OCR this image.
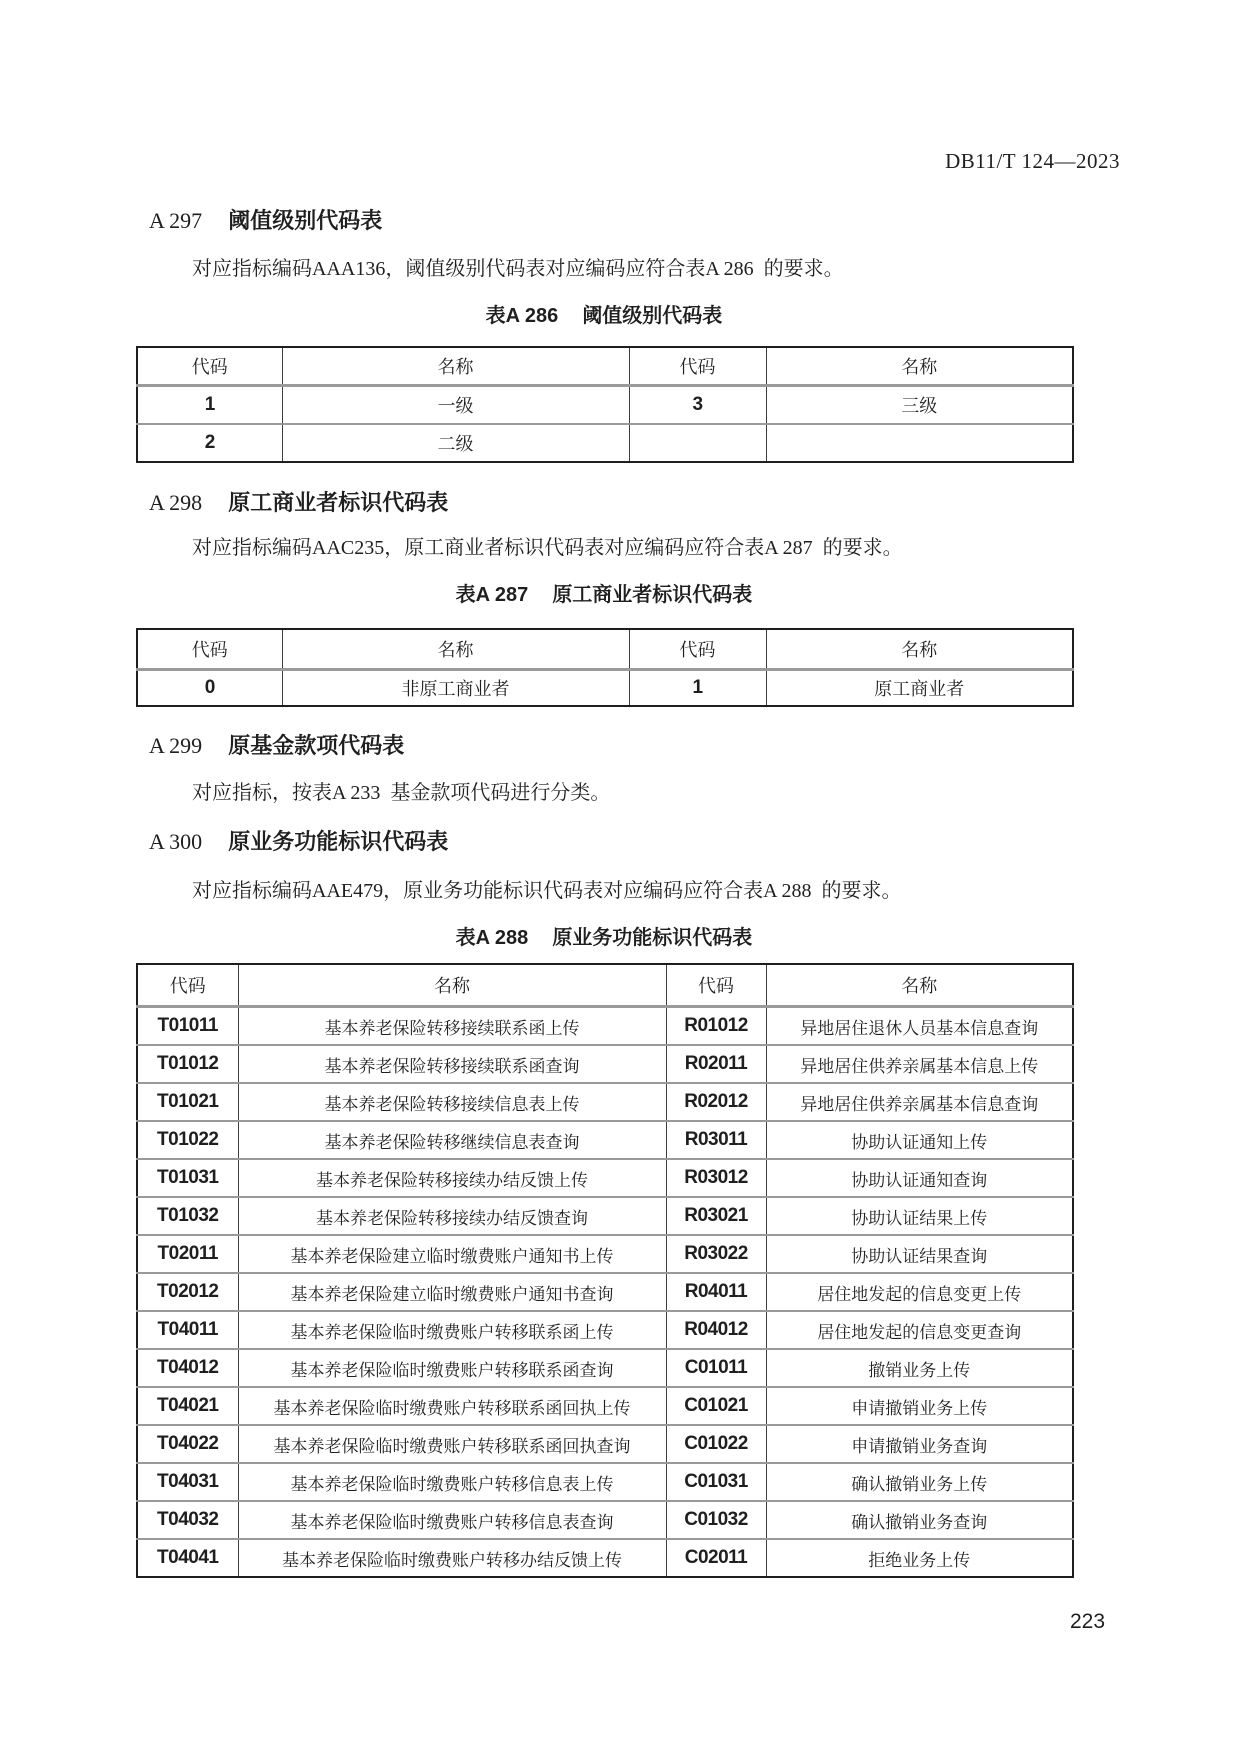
DB11/T 124—2023
A 297 阈值级别代码表
对应指标编码AAA136，阈值级别代码表对应编码应符合表A 286  的要求。
表A 286 阈值级别代码表
代码	名称	代码	名称
1	一级	3	三级
2	二级		
A 298 原工商业者标识代码表
对应指标编码AAC235，原工商业者标识代码表对应编码应符合表A 287  的要求。
表A 287 原工商业者标识代码表
代码	名称	代码	名称
0	非原工商业者	1	原工商业者
A 299 原基金款项代码表
对应指标，按表A 233  基金款项代码进行分类。
A 300 原业务功能标识代码表
对应指标编码AAE479，原业务功能标识代码表对应编码应符合表A 288  的要求。
表A 288 原业务功能标识代码表
代码	名称	代码	名称
T01011	基本养老保险转移接续联系函上传	R01012	异地居住退休人员基本信息查询
T01012	基本养老保险转移接续联系函查询	R02011	异地居住供养亲属基本信息上传
T01021	基本养老保险转移接续信息表上传	R02012	异地居住供养亲属基本信息查询
T01022	基本养老保险转移继续信息表查询	R03011	协助认证通知上传
T01031	基本养老保险转移接续办结反馈上传	R03012	协助认证通知查询
T01032	基本养老保险转移接续办结反馈查询	R03021	协助认证结果上传
T02011	基本养老保险建立临时缴费账户通知书上传	R03022	协助认证结果查询
T02012	基本养老保险建立临时缴费账户通知书查询	R04011	居住地发起的信息变更上传
T04011	基本养老保险临时缴费账户转移联系函上传	R04012	居住地发起的信息变更查询
T04012	基本养老保险临时缴费账户转移联系函查询	C01011	撤销业务上传
T04021	基本养老保险临时缴费账户转移联系函回执上传	C01021	申请撤销业务上传
T04022	基本养老保险临时缴费账户转移联系函回执查询	C01022	申请撤销业务查询
T04031	基本养老保险临时缴费账户转移信息表上传	C01031	确认撤销业务上传
T04032	基本养老保险临时缴费账户转移信息表查询	C01032	确认撤销业务查询
T04041	基本养老保险临时缴费账户转移办结反馈上传	C02011	拒绝业务上传
223
